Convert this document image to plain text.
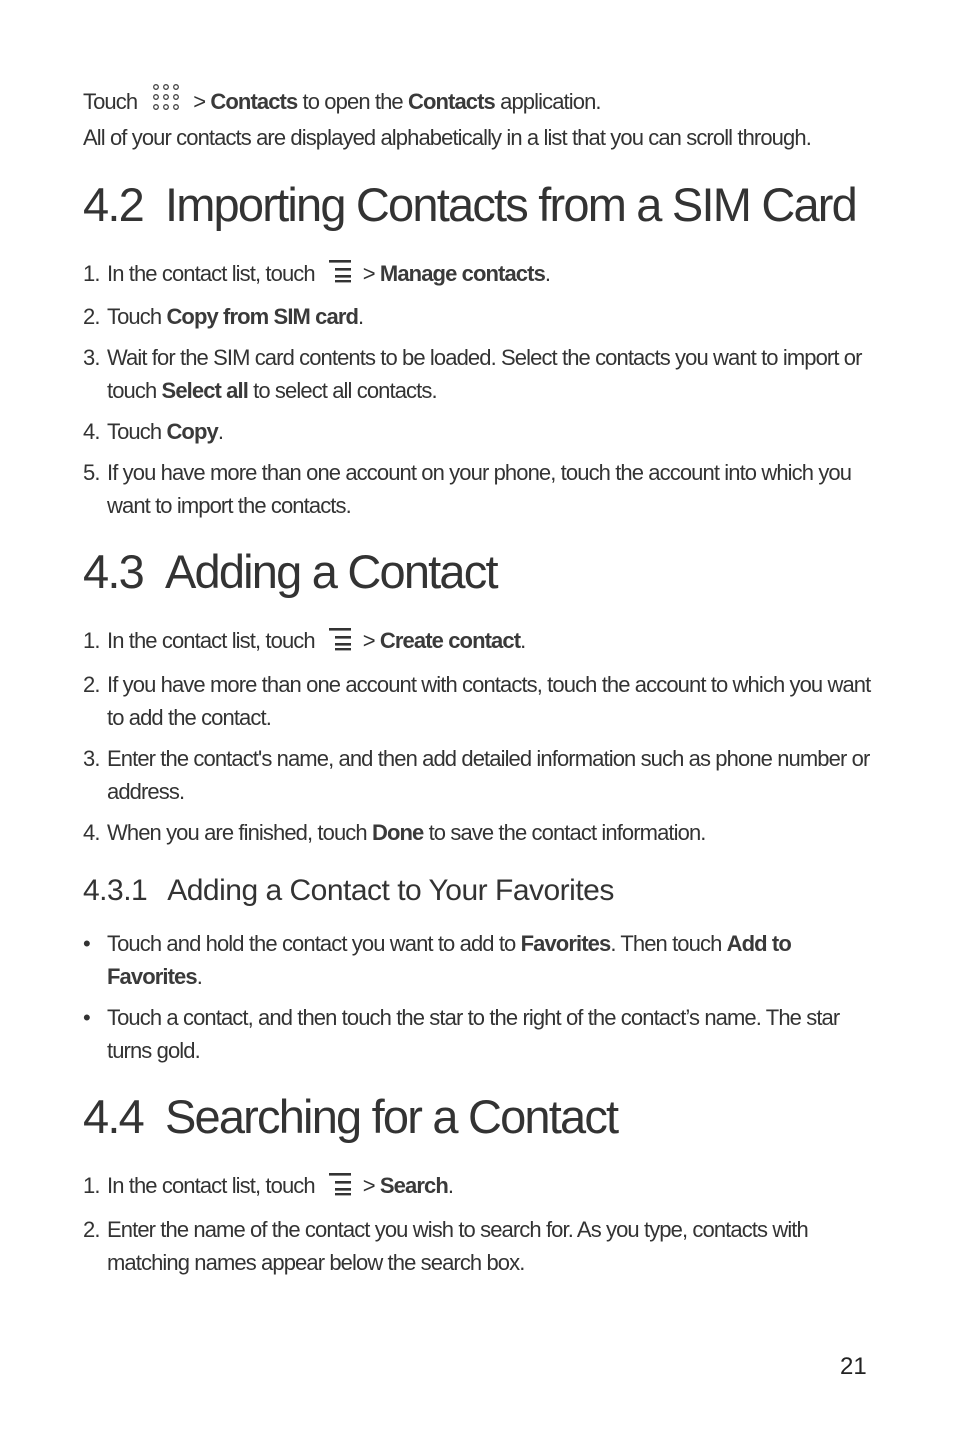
Touch	> Contacts to open the Contacts application.

All of your contacts are displayed alphabetically in a list that you can scroll through.

4.2 Importing Contacts from a SIM Card
1. In the contact list, touch > Manage contacts.
2. Touch Copy from SIM card.
3. Wait for the SIM card contents to be loaded. Select the contacts you want to import or touch Select all to select all contacts.
4. Touch Copy.
5. If you have more than one account on your phone, touch the account into which you want to import the contacts.
4.3 Adding a Contact
1. In the contact list, touch > Create contact.
2. If you have more than one account with contacts, touch the account to which you want to add the contact.
3. Enter the contact's name, and then add detailed information such as phone number or address.
4. When you are finished, touch Done to save the contact information.
4.3.1 Adding a Contact to Your Favorites
• Touch and hold the contact you want to add to Favorites. Then touch Add to Favorites.
• Touch a contact, and then touch the star to the right of the contact’s name. The star turns gold.
4.4 Searching for a Contact
1. In the contact list, touch > Search.
2. Enter the name of the contact you wish to search for. As you type, contacts with matching names appear below the search box.
21
